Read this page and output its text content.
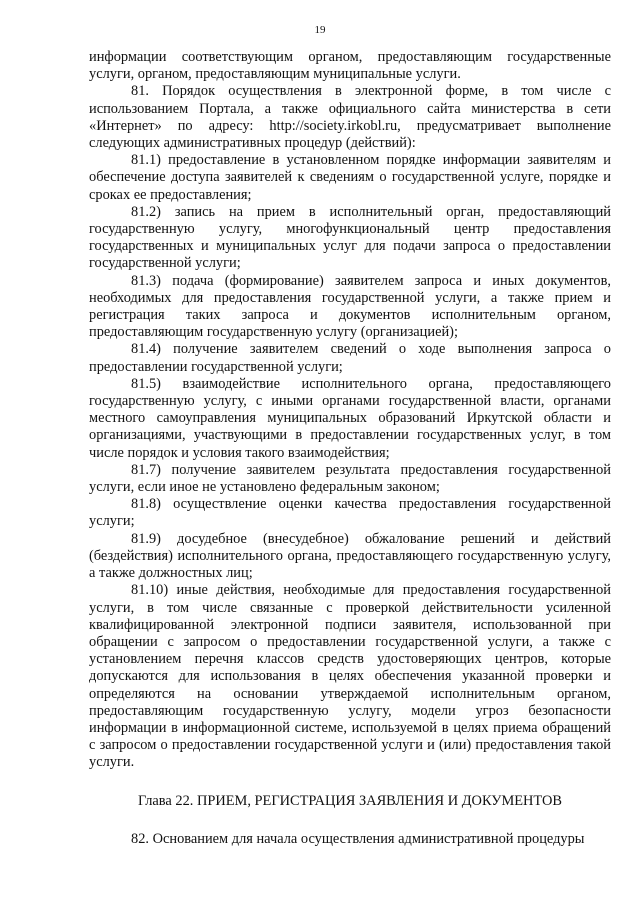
19

информации соответствующим органом, предоставляющим государственные услуги, органом, предоставляющим муниципальные услуги.

81. Порядок осуществления в электронной форме, в том числе с использованием Портала, а также официального сайта министерства в сети «Интернет» по адресу: http://society.irkobl.ru, предусматривает выполнение следующих административных процедур (действий):

81.1) предоставление в установленном порядке информации заявителям и обеспечение доступа заявителей к сведениям о государственной услуге, порядке и сроках ее предоставления;

81.2) запись на прием в исполнительный орган, предоставляющий государственную услугу, многофункциональный центр предоставления государственных и муниципальных услуг для подачи запроса о предоставлении государственной услуги;

81.3) подача (формирование) заявителем запроса и иных документов, необходимых для предоставления государственной услуги, а также прием и регистрация таких запроса и документов исполнительным органом, предоставляющим государственную услугу (организацией);

81.4) получение заявителем сведений о ходе выполнения запроса о предоставлении государственной услуги;

81.5) взаимодействие исполнительного органа, предоставляющего государственную услугу, с иными органами государственной власти, органами местного самоуправления муниципальных образований Иркутской области и организациями, участвующими в предоставлении государственных услуг, в том числе порядок и условия такого взаимодействия;

81.7) получение заявителем результата предоставления государственной услуги, если иное не установлено федеральным законом;

81.8) осуществление оценки качества предоставления государственной услуги;

81.9) досудебное (внесудебное) обжалование решений и действий (бездействия) исполнительного органа, предоставляющего государственную услугу, а также должностных лиц;

81.10) иные действия, необходимые для предоставления государственной услуги, в том числе связанные с проверкой действительности усиленной квалифицированной электронной подписи заявителя, использованной при обращении с запросом о предоставлении государственной услуги, а также с установлением перечня классов средств удостоверяющих центров, которые допускаются для использования в целях обеспечения указанной проверки и определяются на основании утверждаемой исполнительным органом, предоставляющим государственную услугу, модели угроз безопасности информации в информационной системе, используемой в целях приема обращений с запросом о предоставлении государственной услуги и (или) предоставления такой услуги.

Глава 22. ПРИЕМ, РЕГИСТРАЦИЯ ЗАЯВЛЕНИЯ И ДОКУМЕНТОВ

82. Основанием для начала осуществления административной процедуры
